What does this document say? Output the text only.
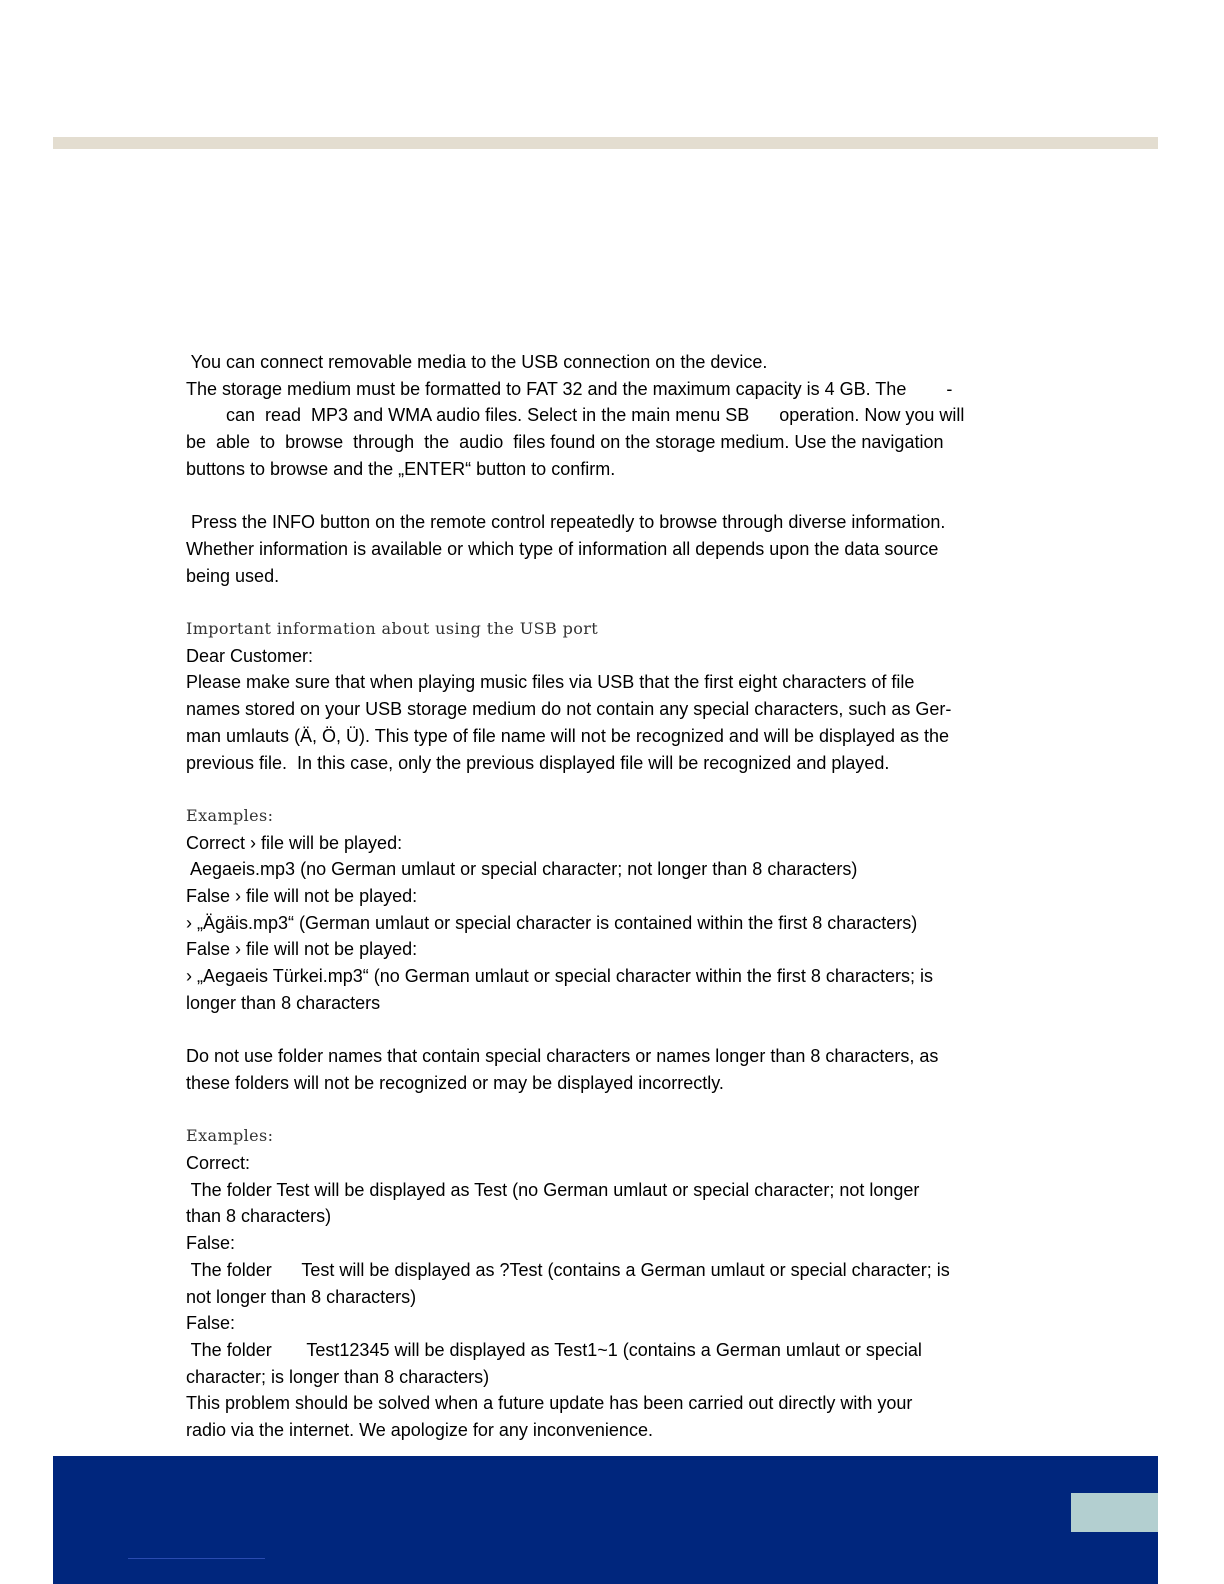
You can connect removable media to the USB connection on the device.
The storage medium must be formatted to FAT 32 and the maximum capacity is 4 GB. The        -
can  read  MP3 and WMA audio files. Select in the main menu SB      operation. Now you will
be  able  to  browse  through  the  audio  files found on the storage medium. Use the navigation
buttons to browse and the „ENTER“ button to confirm.
Press the INFO button on the remote control repeatedly to browse through diverse information.
Whether information is available or which type of information all depends upon the data source
being used.
Important information about using the USB port
Dear Customer:
Please make sure that when playing music files via USB that the first eight characters of file
names stored on your USB storage medium do not contain any special characters, such as Ger-
man umlauts (Ä, Ö, Ü). This type of file name will not be recognized and will be displayed as the
previous file.  In this case, only the previous displayed file will be recognized and played.
Examples:
Correct › file will be played:
Aegaeis.mp3 (no German umlaut or special character; not longer than 8 characters)
False › file will not be played:
› „Ägäis.mp3“ (German umlaut or special character is contained within the first 8 characters)
False › file will not be played:
› „Aegaeis Türkei.mp3“ (no German umlaut or special character within the first 8 characters; is
longer than 8 characters
Do not use folder names that contain special characters or names longer than 8 characters, as
these folders will not be recognized or may be displayed incorrectly.
Examples:
Correct:
The folder Test will be displayed as Test (no German umlaut or special character; not longer
than 8 characters)
False:
The folder      Test will be displayed as ?Test (contains a German umlaut or special character; is
not longer than 8 characters)
False:
The folder       Test12345 will be displayed as Test1~1 (contains a German umlaut or special
character; is longer than 8 characters)
This problem should be solved when a future update has been carried out directly with your
radio via the internet. We apologize for any inconvenience.
